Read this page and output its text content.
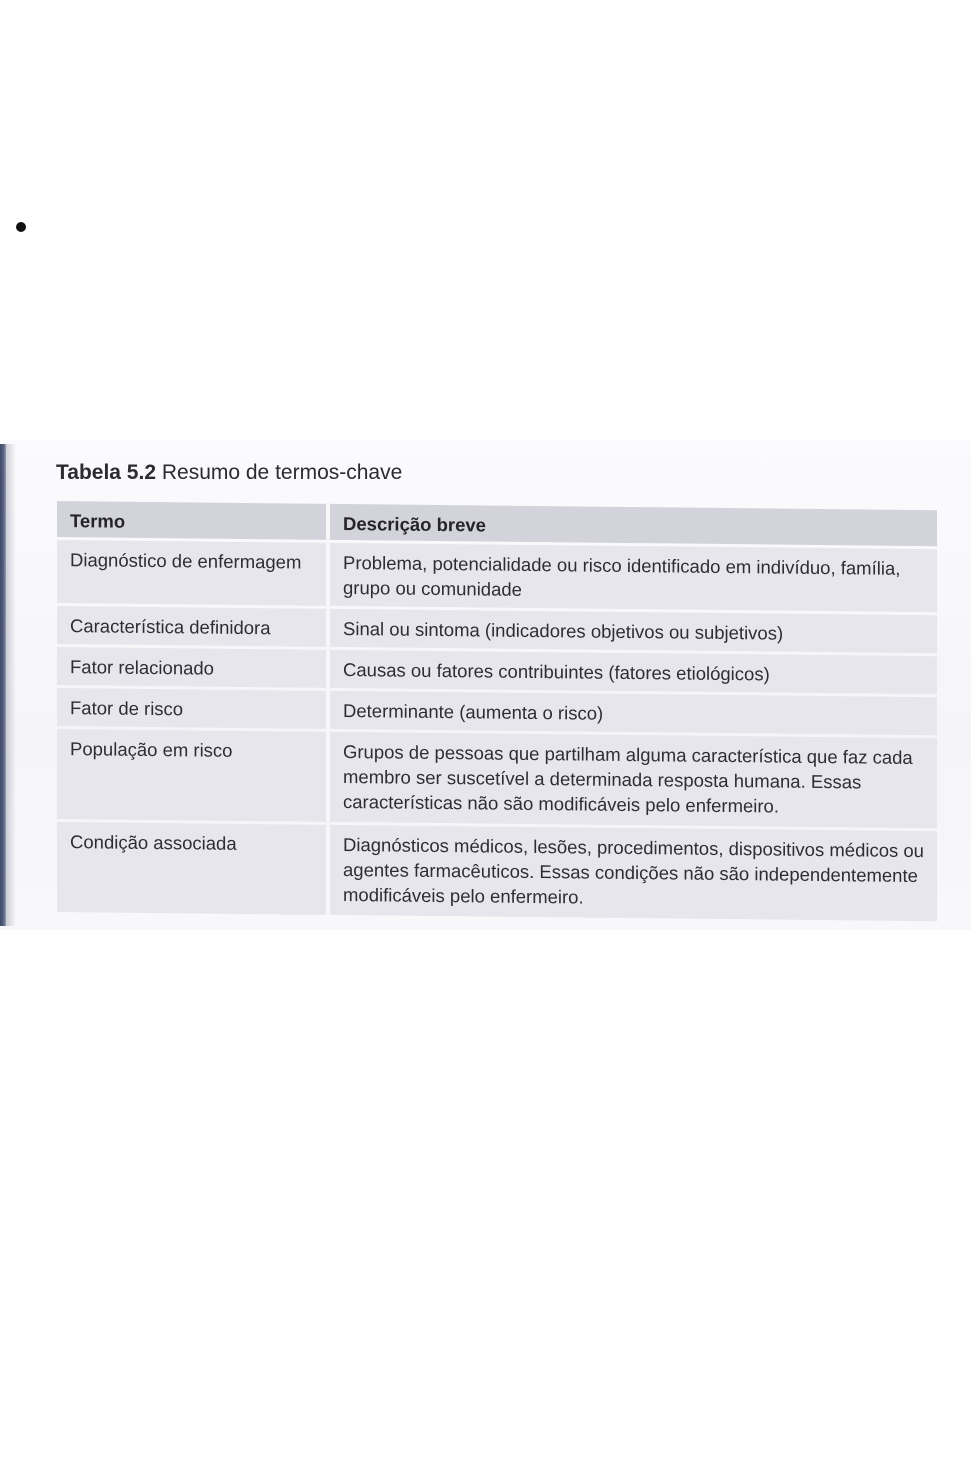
Tabela 5.2 Resumo de termos-chave
Termo	Descrição breve
Diagnóstico de enfermagem	Problema, potencialidade ou risco identificado em indivíduo, família, grupo ou comunidade
Característica definidora	Sinal ou sintoma (indicadores objetivos ou subjetivos)
Fator relacionado	Causas ou fatores contribuintes (fatores etiológicos)
Fator de risco	Determinante (aumenta o risco)
População em risco	Grupos de pessoas que partilham alguma característica que faz cada membro ser suscetível a determinada resposta humana. Essas características não são modificáveis pelo enfermeiro.
Condição associada	Diagnósticos médicos, lesões, procedimentos, dispositivos médicos ou agentes farmacêuticos. Essas condições não são independentemente modificáveis pelo enfermeiro.
